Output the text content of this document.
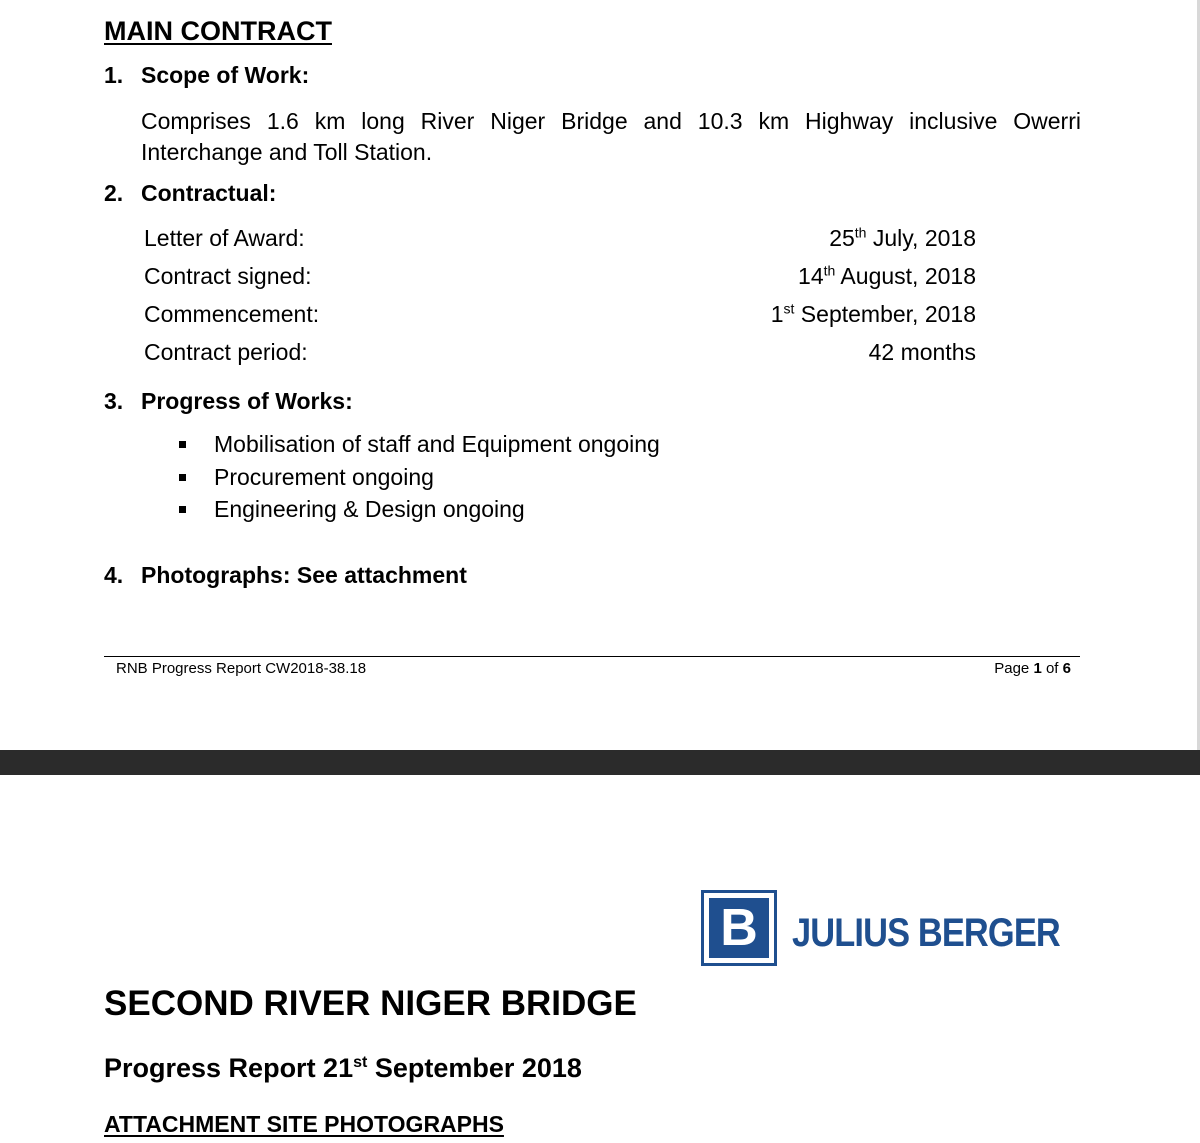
MAIN CONTRACT
1. Scope of Work:
Comprises 1.6 km long River Niger Bridge and 10.3 km Highway inclusive Owerri Interchange and Toll Station.
2. Contractual:
Letter of Award:	25th July, 2018
Contract signed:	14th August, 2018
Commencement:	1st September, 2018
Contract period:	42 months
3. Progress of Works:
Mobilisation of staff and Equipment ongoing
Procurement ongoing
Engineering & Design ongoing
4. Photographs: See attachment
RNB Progress Report CW2018-38.18	Page 1 of 6
B JULIUS BERGER
SECOND RIVER NIGER BRIDGE
Progress Report 21st September 2018
ATTACHMENT SITE PHOTOGRAPHS
